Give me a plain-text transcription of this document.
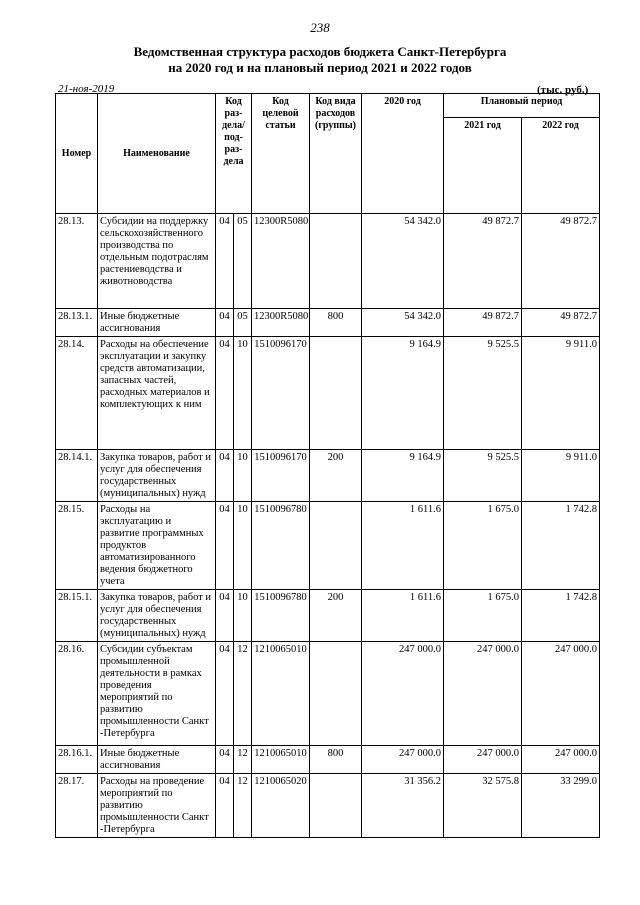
238
Ведомственная структура расходов бюджета Санкт-Петербурга
на 2020 год и на плановый период 2021 и 2022 годов
21-ноя-2019	(тыс. руб.)
Номер	Наименование	Код раз- дела/ под- раз- дела		Код целевой статьи	Код вида расходов (группы)	2020 год	Плановый период	
							2021 год	2022 год
28.13.	Субсидии на поддержку сельскохозяйственного производства по отдельным подотраслям растениеводства и животноводства	04	05	12300R5080		54 342.0	49 872.7	49 872.7
28.13.1.	Иные бюджетные ассигнования	04	05	12300R5080	800	54 342.0	49 872.7	49 872.7
28.14.	Расходы на обеспечение эксплуатации и закупку средств автоматизации, запасных частей, расходных материалов и комплектующих к ним	04	10	1510096170		9 164.9	9 525.5	9 911.0
28.14.1.	Закупка товаров, работ и услуг для обеспечения государственных (муниципальных) нужд	04	10	1510096170	200	9 164.9	9 525.5	9 911.0
28.15.	Расходы на эксплуатацию и развитие программных продуктов автоматизированного ведения бюджетного учета	04	10	1510096780		1 611.6	1 675.0	1 742.8
28.15.1.	Закупка товаров, работ и услуг для обеспечения государственных (муниципальных) нужд	04	10	1510096780	200	1 611.6	1 675.0	1 742.8
28.16.	Субсидии субъектам промышленной деятельности в рамках проведения мероприятий по развитию промышленности Санкт -Петербурга	04	12	1210065010		247 000.0	247 000.0	247 000.0
28.16.1.	Иные бюджетные ассигнования	04	12	1210065010	800	247 000.0	247 000.0	247 000.0
28.17.	Расходы на проведение мероприятий по развитию промышленности Санкт -Петербурга	04	12	1210065020		31 356.2	32 575.8	33 299.0
